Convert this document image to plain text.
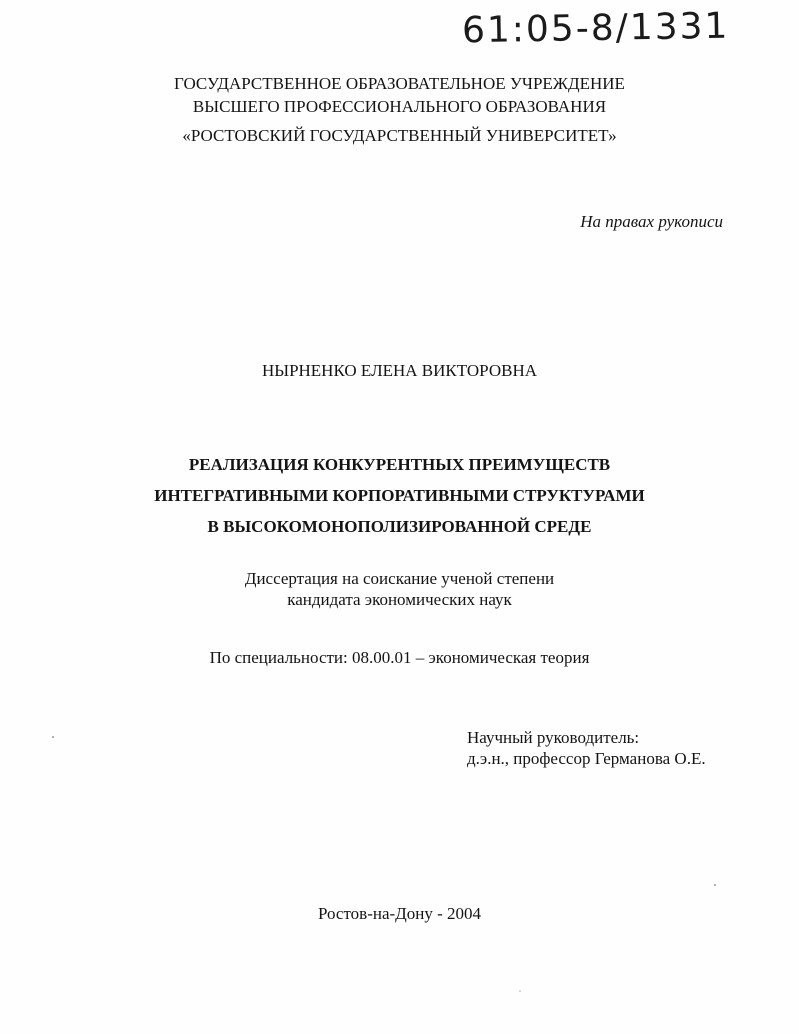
61:05-8/1331
ГОСУДАРСТВЕННОЕ ОБРАЗОВАТЕЛЬНОЕ УЧРЕЖДЕНИЕ
ВЫСШЕГО ПРОФЕССИОНАЛЬНОГО ОБРАЗОВАНИЯ
«РОСТОВСКИЙ ГОСУДАРСТВЕННЫЙ УНИВЕРСИТЕТ»
На правах рукописи
НЫРНЕНКО ЕЛЕНА ВИКТОРОВНА
РЕАЛИЗАЦИЯ КОНКУРЕНТНЫХ ПРЕИМУЩЕСТВ
ИНТЕГРАТИВНЫМИ КОРПОРАТИВНЫМИ СТРУКТУРАМИ
В ВЫСОКОМОНОПОЛИЗИРОВАННОЙ СРЕДЕ
Диссертация на соискание ученой степени
кандидата экономических наук
По специальности: 08.00.01 – экономическая теория
Научный руководитель:
д.э.н., профессор Германова О.Е.
Ростов-на-Дону - 2004
